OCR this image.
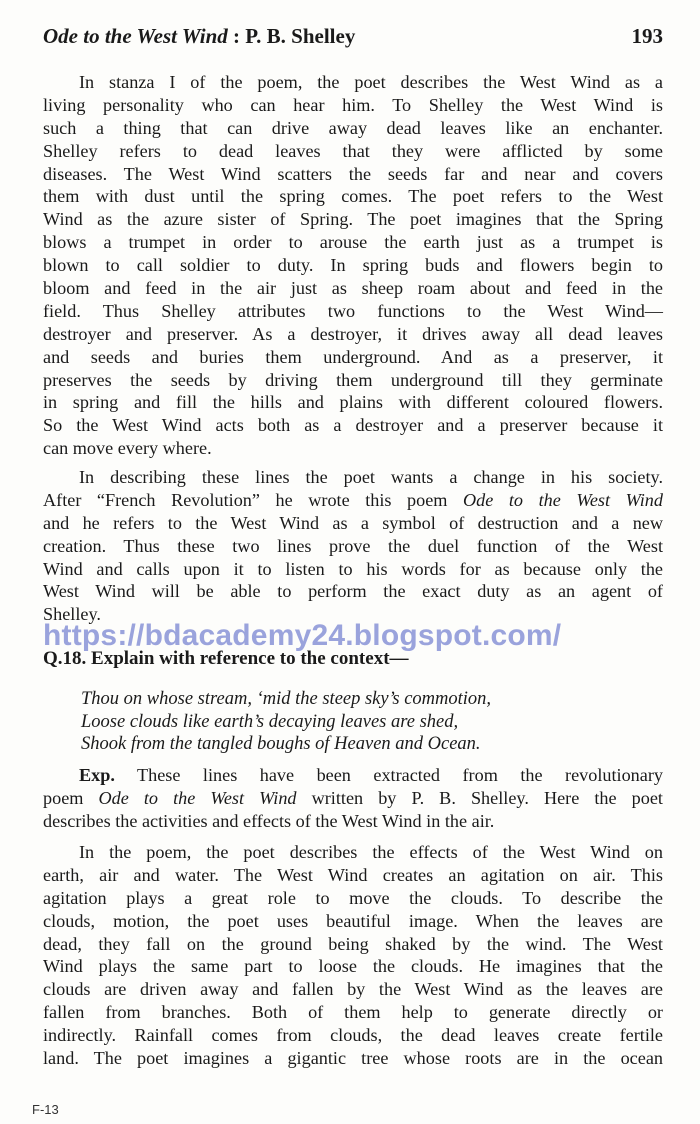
Ode to the West Wind : P. B. Shelley	193
In stanza I of the poem, the poet describes the West Wind as a
living personality who can hear him. To Shelley the West Wind is
such a thing that can drive away dead leaves like an enchanter.
Shelley refers to dead leaves that they were afflicted by some
diseases. The West Wind scatters the seeds far and near and covers
them with dust until the spring comes. The poet refers to the West
Wind as the azure sister of Spring. The poet imagines that the Spring
blows a trumpet in order to arouse the earth just as a trumpet is
blown to call soldier to duty. In spring buds and flowers begin to
bloom and feed in the air just as sheep roam about and feed in the
field. Thus Shelley attributes two functions to the West Wind—
destroyer and preserver. As a destroyer, it drives away all dead leaves
and seeds and buries them underground. And as a preserver, it
preserves the seeds by driving them underground till they germinate
in spring and fill the hills and plains with different coloured flowers.
So the West Wind acts both as a destroyer and a preserver because it
can move every where.
In describing these lines the poet wants a change in his society.
After “French Revolution” he wrote this poem Ode to the West Wind
and he refers to the West Wind as a symbol of destruction and a new
creation. Thus these two lines prove the duel function of the West
Wind and calls upon it to listen to his words for as because only the
West Wind will be able to perform the exact duty as an agent of
Shelley.
https://bdacademy24.blogspot.com/
Q.18. Explain with reference to the context—
Thou on whose stream, ‘mid the steep sky’s commotion,
Loose clouds like earth’s decaying leaves are shed,
Shook from the tangled boughs of Heaven and Ocean.
Exp. These lines have been extracted from the revolutionary
poem Ode to the West Wind written by P. B. Shelley. Here the poet
describes the activities and effects of the West Wind in the air.
In the poem, the poet describes the effects of the West Wind on
earth, air and water. The West Wind creates an agitation on air. This
agitation plays a great role to move the clouds. To describe the
clouds, motion, the poet uses beautiful image. When the leaves are
dead, they fall on the ground being shaked by the wind. The West
Wind plays the same part to loose the clouds. He imagines that the
clouds are driven away and fallen by the West Wind as the leaves are
fallen from branches. Both of them help to generate directly or
indirectly. Rainfall comes from clouds, the dead leaves create fertile
land. The poet imagines a gigantic tree whose roots are in the ocean
F-13
